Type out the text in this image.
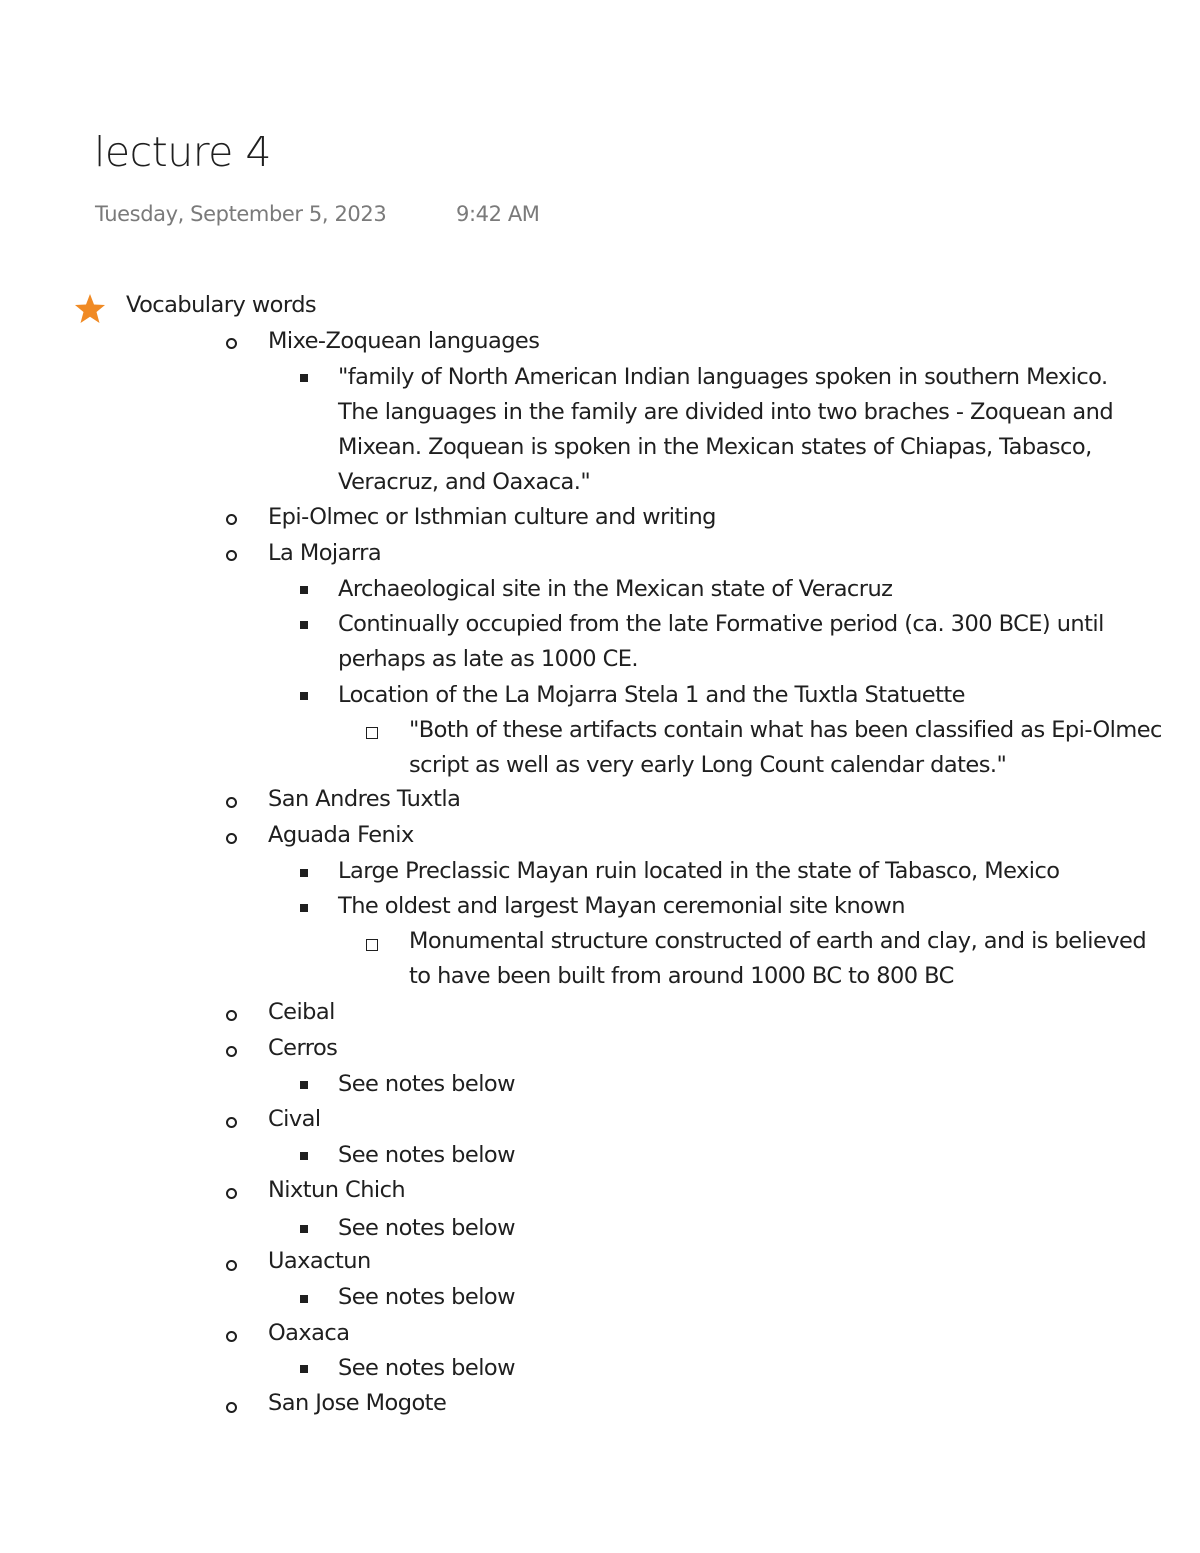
lecture 4
Tuesday, September 5, 2023	9:42 AM
Vocabulary words
Mixe-Zoquean languages
"family of North American Indian languages spoken in southern Mexico.
The languages in the family are divided into two braches - Zoquean and
Mixean. Zoquean is spoken in the Mexican states of Chiapas, Tabasco,
Veracruz, and Oaxaca."
Epi-Olmec or Isthmian culture and writing
La Mojarra
Archaeological site in the Mexican state of Veracruz
Continually occupied from the late Formative period (ca. 300 BCE) until
perhaps as late as 1000 CE.
Location of the La Mojarra Stela 1 and the Tuxtla Statuette
"Both of these artifacts contain what has been classified as Epi-Olmec
script as well as very early Long Count calendar dates."
San Andres Tuxtla
Aguada Fenix
Large Preclassic Mayan ruin located in the state of Tabasco, Mexico
The oldest and largest Mayan ceremonial site known
Monumental structure constructed of earth and clay, and is believed
to have been built from around 1000 BC to 800 BC
Ceibal
Cerros
See notes below
Cival
See notes below
Nixtun Chich
See notes below
Uaxactun
See notes below
Oaxaca
See notes below
San Jose Mogote
